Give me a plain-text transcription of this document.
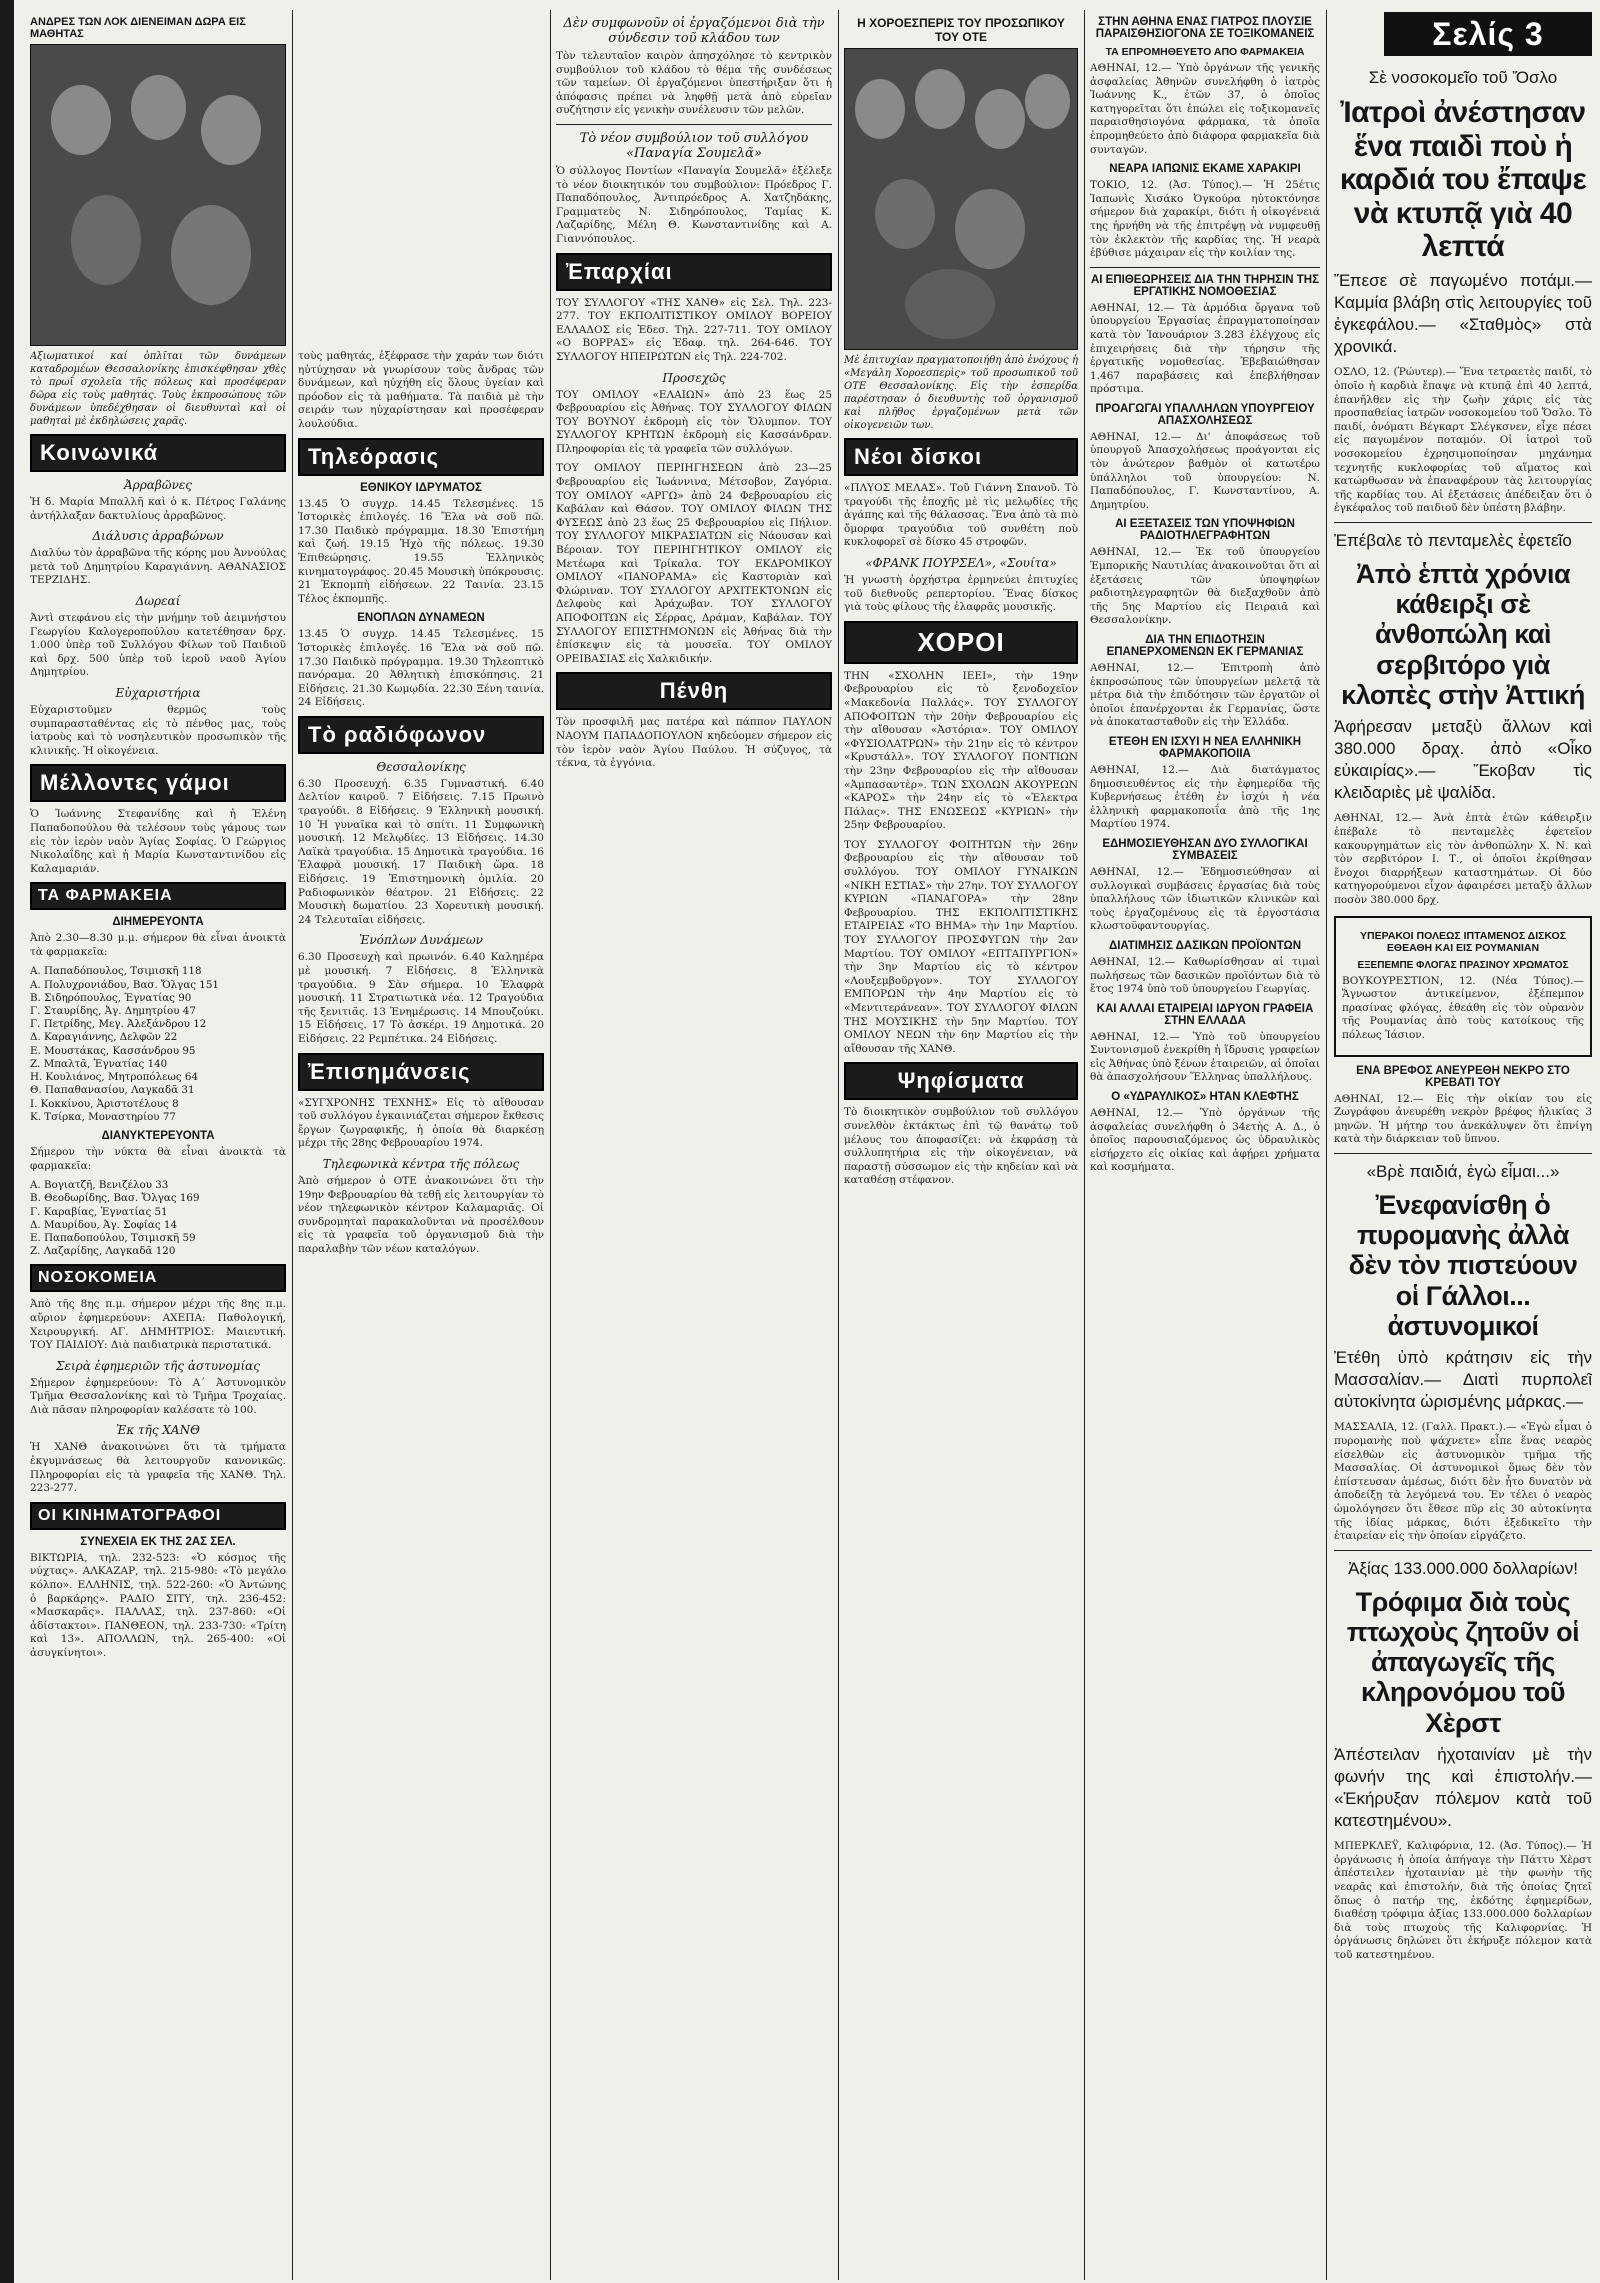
Σελίς 3
ΑΝΔΡΕΣ ΤΩΝ ΛΟΚ ΔΙΕΝΕΙΜΑΝ ΔΩΡΑ ΕΙΣ ΜΑΘΗΤΑΣ

Αξιωματικοί καί ὁπλῖται τῶν δυνάμεων καταδρομέων Θεσσαλονίκης ἐπισκέφθησαν χθὲς τὸ πρωΐ σχολεῖα τῆς πόλεως καὶ προσέφεραν δῶρα εἰς τοὺς μαθητάς. Τοὺς ἐκπροσώπους τῶν δυνάμεων ὑπεδέχθησαν οἱ διευθυνταὶ καὶ οἱ μαθηταὶ μὲ ἐκδηλώσεις χαρᾶς.

Κοινωνικά
Ἀρραβῶνες

Ἡ δ. Μαρία Μπαλλῆ καὶ ὁ κ. Πέτρος Γαλάνης ἀντήλλαξαν δακτυλίους ἀρραβῶνος.

Διάλυσις ἀρραβώνων

Διαλύω τὸν ἀρραβῶνα τῆς κόρης μου Ἀννούλας μετὰ τοῦ Δημητρίου Καραγιάννη. ΑΘΑΝΑΣΙΟΣ ΤΕΡΖΙΔΗΣ.

Δωρεαί

Ἀντὶ στεφάνου εἰς τὴν μνήμην τοῦ ἀειμνήστου Γεωργίου Καλογεροπούλου κατετέθησαν δρχ. 1.000 ὑπὲρ τοῦ Συλλόγου Φίλων τοῦ Παιδιοῦ καὶ δρχ. 500 ὑπὲρ τοῦ ἱεροῦ ναοῦ Ἁγίου Δημητρίου.

Εὐχαριστήρια

Εὐχαριστοῦμεν θερμῶς τοὺς συμπαρασταθέντας εἰς τὸ πένθος μας, τοὺς ἰατροὺς καὶ τὸ νοσηλευτικὸν προσωπικὸν τῆς κλινικῆς. Ἡ οἰκογένεια.

Μέλλοντες γάμοι

Ὁ Ἰωάννης Στεφανίδης καὶ ἡ Ἐλένη Παπαδοπούλου θὰ τελέσουν τοὺς γάμους των εἰς τὸν ἱερὸν ναὸν Ἁγίας Σοφίας. Ὁ Γεώργιος Νικολαΐδης καὶ ἡ Μαρία Κωνσταντινίδου εἰς Καλαμαριάν.

ΤΑ ΦΑΡΜΑΚΕΙΑ
ΔΙΗΜΕΡΕΥΟΝΤΑ

Ἀπὸ 2.30—8.30 μ.μ. σήμερον θὰ εἶναι ἀνοικτὰ τὰ φαρμακεῖα:

Α. Παπαδόπουλος, Τσιμισκῆ 118

Α. Πολυχρονιάδου, Βασ. Ὄλγας 151

Β. Σιδηρόπουλος, Ἐγνατίας 90

Γ. Σταυρίδης, Ἀγ. Δημητρίου 47

Γ. Πετρίδης, Μεγ. Ἀλεξάνδρου 12

Δ. Καραγιάννης, Δελφῶν 22

Ε. Μουστάκας, Κασσάνδρου 95

Ζ. Μπαλτᾶ, Ἐγνατίας 140

Η. Κουλιάνος, Μητροπόλεως 64

Θ. Παπαθανασίου, Λαγκαδᾶ 31

Ι. Κοκκίνου, Ἀριστοτέλους 8

Κ. Τσίρκα, Μοναστηρίου 77

ΔΙΑΝΥΚΤΕΡΕΥΟΝΤΑ

Σήμερον τὴν νύκτα θὰ εἶναι ἀνοικτὰ τὰ φαρμακεῖα:

Α. Βογιατζῆ, Βενιζέλου 33

Β. Θεοδωρίδης, Βασ. Ὄλγας 169

Γ. Καραβίας, Ἐγνατίας 51

Δ. Μαυρίδου, Ἀγ. Σοφίας 14

Ε. Παπαδοπούλου, Τσιμισκῆ 59

Ζ. Λαζαρίδης, Λαγκαδᾶ 120

ΝΟΣΟΚΟΜΕΙΑ

Ἀπὸ τῆς 8ης π.μ. σήμερον μέχρι τῆς 8ης π.μ. αὔριον ἐφημερεύουν: ΑΧΕΠΑ: Παθολογική, Χειρουργική. ΑΓ. ΔΗΜΗΤΡΙΟΣ: Μαιευτική. ΤΟΥ ΠΑΙΔΙΟΥ: Διὰ παιδιατρικὰ περιστατικά.

Σειρὰ ἐφημεριῶν τῆς ἀστυνομίας

Σήμερον ἐφημερεύουν: Τὸ Α΄ Ἀστυνομικὸν Τμῆμα Θεσσαλονίκης καὶ τὸ Τμῆμα Τροχαίας. Διὰ πᾶσαν πληροφορίαν καλέσατε τὸ 100.

Ἐκ τῆς ΧΑΝΘ

Ἡ ΧΑΝΘ ἀνακοινώνει ὅτι τὰ τμήματα ἐκγυμνάσεως θὰ λειτουργοῦν κανονικῶς. Πληροφορίαι εἰς τὰ γραφεῖα τῆς ΧΑΝΘ. Τηλ. 223-277.

ΟΙ ΚΙΝΗΜΑΤΟΓΡΑΦΟΙ
ΣΥΝΕΧΕΙΑ ΕΚ ΤΗΣ 2ΑΣ ΣΕΛ.

ΒΙΚΤΩΡΙΑ, τηλ. 232-523: «Ὁ κόσμος τῆς νύχτας». ΑΛΚΑΖΑΡ, τηλ. 215-980: «Τὸ μεγάλο κόλπο». ΕΛΛΗΝΙΣ, τηλ. 522-260: «Ὁ Ἀντώνης ὁ βαρκάρης». ΡΑΔΙΟ ΣΙΤΥ, τηλ. 236-452: «Μασκαρᾶς». ΠΑΛΛΑΣ, τηλ. 237-860: «Οἱ ἀδίστακτοι». ΠΑΝΘΕΟΝ, τηλ. 233-730: «Τρίτη καὶ 13». ΑΠΟΛΛΩΝ, τηλ. 265-400: «Οἱ ἀσυγκίνητοι».

τοὺς μαθητάς, ἐξέφρασε τὴν χαράν των διότι ηὐτύχησαν νὰ γνωρίσουν τοὺς ἄνδρας τῶν δυνάμεων, καὶ ηὐχήθη εἰς ὅλους ὑγείαν καὶ πρόοδον εἰς τὰ μαθήματα. Τὰ παιδιὰ μὲ τὴν σειράν των ηὐχαρίστησαν καὶ προσέφεραν λουλούδια.

Τηλεόρασις
ΕΘΝΙΚΟΥ ΙΔΡΥΜΑΤΟΣ

13.45 Ὁ συγχρ. 14.45 Τελεσμένες. 15 Ἱστορικὲς ἐπιλογές. 16 Ἔλα νὰ σοῦ πῶ. 17.30 Παιδικὸ πρόγραμμα. 18.30 Ἐπιστήμη καὶ ζωή. 19.15 Ἠχὸ τῆς πόλεως. 19.30 Ἐπιθεώρησις. 19.55 Ἑλληνικὸς κινηματογράφος. 20.45 Μουσικὴ ὑπόκρουσις. 21 Ἐκπομπὴ εἰδήσεων. 22 Ταινία. 23.15 Τέλος ἐκπομπῆς.

ΕΝΟΠΛΩΝ ΔΥΝΑΜΕΩΝ

13.45 Ὁ συγχρ. 14.45 Τελεσμένες. 15 Ἱστορικὲς ἐπιλογές. 16 Ἔλα νὰ σοῦ πῶ. 17.30 Παιδικὸ πρόγραμμα. 19.30 Τηλεοπτικὸ πανόραμα. 20 Ἀθλητικὴ ἐπισκόπησις. 21 Εἰδήσεις. 21.30 Κωμῳδία. 22.30 Ξένη ταινία. 24 Εἰδήσεις.

Τὸ ραδιόφωνον
Θεσσαλονίκης

6.30 Προσευχή. 6.35 Γυμναστική. 6.40 Δελτίον καιροῦ. 7 Εἰδήσεις. 7.15 Πρωινὸ τραγούδι. 8 Εἰδήσεις. 9 Ἑλληνικὴ μουσική. 10 Ἡ γυναῖκα καὶ τὸ σπίτι. 11 Συμφωνικὴ μουσική. 12 Μελῳδίες. 13 Εἰδήσεις. 14.30 Λαϊκὰ τραγούδια. 15 Δημοτικὰ τραγούδια. 16 Ἐλαφρὰ μουσική. 17 Παιδικὴ ὥρα. 18 Εἰδήσεις. 19 Ἐπιστημονικὴ ὁμιλία. 20 Ραδιοφωνικὸν θέατρον. 21 Εἰδήσεις. 22 Μουσικὴ δωματίου. 23 Χορευτικὴ μουσική. 24 Τελευταῖαι εἰδήσεις.

Ἐνόπλων Δυνάμεων

6.30 Προσευχὴ καὶ πρωινόν. 6.40 Καλημέρα μὲ μουσική. 7 Εἰδήσεις. 8 Ἑλληνικὰ τραγούδια. 9 Σὰν σήμερα. 10 Ἐλαφρὰ μουσική. 11 Στρατιωτικὰ νέα. 12 Τραγούδια τῆς ξενιτιᾶς. 13 Ἐνημέρωσις. 14 Μπουζούκι. 15 Εἰδήσεις. 17 Τὸ ἀσκέρι. 19 Δημοτικά. 20 Εἰδήσεις. 22 Ρεμπέτικα. 24 Εἰδήσεις.

Ἐπισημάνσεις

«ΣΥΓΧΡΟΝΗΣ ΤΕΧΝΗΣ» Εἰς τὸ αἴθουσαν τοῦ συλλόγου ἐγκαινιάζεται σήμερον ἔκθεσις ἔργων ζωγραφικῆς, ἡ ὁποία θὰ διαρκέσῃ μέχρι τῆς 28ης Φεβρουαρίου 1974.

Τηλεφωνικὰ κέντρα τῆς πόλεως

Ἀπὸ σήμερον ὁ ΟΤΕ ἀνακοινώνει ὅτι τὴν 19ην Φεβρουαρίου θὰ τεθῇ εἰς λειτουργίαν τὸ νέον τηλεφωνικὸν κέντρον Καλαμαριᾶς. Οἱ συνδρομηταὶ παρακαλοῦνται νὰ προσέλθουν εἰς τὰ γραφεῖα τοῦ ὀργανισμοῦ διὰ τὴν παραλαβὴν τῶν νέων καταλόγων.

Δὲν συμφωνοῦν οἱ ἐργαζόμενοι διὰ τὴν σύνδεσιν τοῦ κλάδου των

Τὸν τελευταῖον καιρὸν ἀπησχόλησε τὸ κεντρικὸν συμβούλιον τοῦ κλάδου τὸ θέμα τῆς συνδέσεως τῶν ταμείων. Οἱ ἐργαζόμενοι ὑπεστήριξαν ὅτι ἡ ἀπόφασις πρέπει νὰ ληφθῇ μετὰ ἀπὸ εὐρεῖαν συζήτησιν εἰς γενικὴν συνέλευσιν τῶν μελῶν.

Τὸ νέον συμβούλιον τοῦ συλλόγου «Παναγία Σουμελᾶ»

Ὁ σύλλογος Ποντίων «Παναγία Σουμελᾶ» ἐξέλεξε τὸ νέον διοικητικόν του συμβούλιον: Πρόεδρος Γ. Παπαδόπουλος, Ἀντιπρόεδρος Α. Χατζηδάκης, Γραμματεὺς Ν. Σιδηρόπουλος, Ταμίας Κ. Λαζαρίδης, Μέλη Θ. Κωνσταντινίδης καὶ Α. Γιαννόπουλος.

Ἐπαρχίαι

ΤΟΥ ΣΥΛΛΟΓΟΥ «ΤΗΣ ΧΑΝΘ» εἰς Σελ. Τηλ. 223-277. ΤΟΥ ΕΚΠΟΛΙΤΙΣΤΙΚΟΥ ΟΜΙΛΟΥ ΒΟΡΕΙΟΥ ΕΛΛΑΔΟΣ εἰς Ἐδεσ. Τηλ. 227-711. ΤΟΥ ΟΜΙΛΟΥ «Ο ΒΟΡΡΑΣ» εἰς Ἐδαφ. τηλ. 264-646. ΤΟΥ ΣΥΛΛΟΓΟΥ ΗΠΕΙΡΩΤΩΝ εἰς Τηλ. 224-702.

Προσεχῶς

ΤΟΥ ΟΜΙΛΟΥ «ΕΛΑΙΩΝ» ἀπὸ 23 ἕως 25 Φεβρουαρίου εἰς Ἀθήνας. ΤΟΥ ΣΥΛΛΟΓΟΥ ΦΙΛΩΝ ΤΟΥ ΒΟΥΝΟΥ ἐκδρομὴ εἰς τὸν Ὄλυμπον. ΤΟΥ ΣΥΛΛΟΓΟΥ ΚΡΗΤΩΝ ἐκδρομὴ εἰς Κασσάνδραν. Πληροφορίαι εἰς τὰ γραφεῖα τῶν συλλόγων.

ΤΟΥ ΟΜΙΛΟΥ ΠΕΡΙΗΓΗΣΕΩΝ ἀπὸ 23—25 Φεβρουαρίου εἰς Ἰωάννινα, Μέτσοβον, Ζαγόρια. ΤΟΥ ΟΜΙΛΟΥ «ΑΡΓΩ» ἀπὸ 24 Φεβρουαρίου εἰς Καβάλαν καὶ Θάσον. ΤΟΥ ΟΜΙΛΟΥ ΦΙΛΩΝ ΤΗΣ ΦΥΣΕΩΣ ἀπὸ 23 ἕως 25 Φεβρουαρίου εἰς Πήλιον. ΤΟΥ ΣΥΛΛΟΓΟΥ ΜΙΚΡΑΣΙΑΤΩΝ εἰς Νάουσαν καὶ Βέροιαν. ΤΟΥ ΠΕΡΙΗΓΗΤΙΚΟΥ ΟΜΙΛΟΥ εἰς Μετέωρα καὶ Τρίκαλα. ΤΟΥ ΕΚΔΡΟΜΙΚΟΥ ΟΜΙΛΟΥ «ΠΑΝΟΡΑΜΑ» εἰς Καστοριὰν καὶ Φλώριναν. ΤΟΥ ΣΥΛΛΟΓΟΥ ΑΡΧΙΤΕΚΤΟΝΩΝ εἰς Δελφοὺς καὶ Ἀράχωβαν. ΤΟΥ ΣΥΛΛΟΓΟΥ ΑΠΟΦΟΙΤΩΝ εἰς Σέρρας, Δράμαν, Καβάλαν. ΤΟΥ ΣΥΛΛΟΓΟΥ ΕΠΙΣΤΗΜΟΝΩΝ εἰς Ἀθήνας διὰ τὴν ἐπίσκεψιν εἰς τὰ μουσεῖα. ΤΟΥ ΟΜΙΛΟΥ ΟΡΕΙΒΑΣΙΑΣ εἰς Χαλκιδικήν.

Πένθη

Τὸν προσφιλῆ μας πατέρα καὶ πάππον ΠΑΥΛΟΝ ΝΑΟΥΜ ΠΑΠΑΔΟΠΟΥΛΟΝ κηδεύομεν σήμερον εἰς τὸν ἱερὸν ναὸν Ἁγίου Παύλου. Ἡ σύζυγος, τὰ τέκνα, τὰ ἐγγόνια.

Η ΧΟΡΟΕΣΠΕΡΙΣ ΤΟΥ ΠΡΟΣΩΠΙΚΟΥ ΤΟΥ ΟΤΕ

Μὲ ἐπιτυχίαν πραγματοποιήθη ἀπὸ ἐνόχους ἡ «Μεγάλη Χοροεσπερὶς» τοῦ προσωπικοῦ τοῦ ΟΤΕ Θεσσαλονίκης. Εἰς τὴν ἑσπερίδα παρέστησαν ὁ διευθυντὴς τοῦ ὀργανισμοῦ καὶ πλῆθος ἐργαζομένων μετὰ τῶν οἰκογενειῶν των.

Νέοι δίσκοι

«ΠΛΥΟΣ ΜΕΛΑΣ». Τοῦ Γιάννη Σπανοῦ. Τὸ τραγούδι τῆς ἐποχῆς μὲ τὶς μελῳδίες τῆς ἀγάπης καὶ τῆς θάλασσας. Ἕνα ἀπὸ τὰ πιὸ ὄμορφα τραγούδια τοῦ συνθέτη ποὺ κυκλοφορεῖ σὲ δίσκο 45 στροφῶν.

«ΦΡΑΝΚ ΠΟΥΡΣΕΛ», «Σουίτα»

Ἡ γνωστὴ ὀρχήστρα ἐρμηνεύει ἐπιτυχίες τοῦ διεθνοῦς ρεπερτορίου. Ἕνας δίσκος γιὰ τοὺς φίλους τῆς ἐλαφρᾶς μουσικῆς.

ΧΟΡΟΙ

ΤΗΝ «ΣΧΟΛΗΝ ΙΕΕΙ», τὴν 19ην Φεβρουαρίου εἰς τὸ ξενοδοχεῖον «Μακεδονία Παλλάς». ΤΟΥ ΣΥΛΛΟΓΟΥ ΑΠΟΦΟΙΤΩΝ τὴν 20ὴν Φεβρουαρίου εἰς τὴν αἴθουσαν «Ἀστόρια». ΤΟΥ ΟΜΙΛΟΥ «ΦΥΣΙΟΛΑΤΡΩΝ» τὴν 21ην εἰς τὸ κέντρον «Κρυστάλλ». ΤΟΥ ΣΥΛΛΟΓΟΥ ΠΟΝΤΙΩΝ τὴν 23ην Φεβρουαρίου εἰς τὴν αἴθουσαν «Ἀμπασαντὲρ». ΤΩΝ ΣΧΟΛΩΝ ΑΚΟΥΡΕΩΝ «ΚΑΡΟΣ» τὴν 24ην εἰς τὸ «Ἐλεκτρα Πάλας». ΤΗΣ ΕΝΩΣΕΩΣ «ΚΥΡΙΩΝ» τὴν 25ην Φεβρουαρίου.

ΤΟΥ ΣΥΛΛΟΓΟΥ ΦΟΙΤΗΤΩΝ τὴν 26ην Φεβρουαρίου εἰς τὴν αἴθουσαν τοῦ συλλόγου. ΤΟΥ ΟΜΙΛΟΥ ΓΥΝΑΙΚΩΝ «ΝΙΚΗ ΕΣΤΙΑΣ» τὴν 27ην. ΤΟΥ ΣΥΛΛΟΓΟΥ ΚΥΡΙΩΝ «ΠΑΝΑΓΟΡΑ» τὴν 28ην Φεβρουαρίου. ΤΗΣ ΕΚΠΟΛΙΤΙΣΤΙΚΗΣ ΕΤΑΙΡΕΙΑΣ «ΤΟ ΒΗΜΑ» τὴν 1ην Μαρτίου. ΤΟΥ ΣΥΛΛΟΓΟΥ ΠΡΟΣΦΥΓΩΝ τὴν 2αν Μαρτίου. ΤΟΥ ΟΜΙΛΟΥ «ΕΠΤΑΠΥΡΓΙΟΝ» τὴν 3ην Μαρτίου εἰς τὸ κέντρον «Λουξεμβοῦργον». ΤΟΥ ΣΥΛΛΟΓΟΥ ΕΜΠΟΡΩΝ τὴν 4ην Μαρτίου εἰς τὸ «Μεντιτεράνεαν». ΤΟΥ ΣΥΛΛΟΓΟΥ ΦΙΛΩΝ ΤΗΣ ΜΟΥΣΙΚΗΣ τὴν 5ην Μαρτίου. ΤΟΥ ΟΜΙΛΟΥ ΝΕΩΝ τὴν 6ην Μαρτίου εἰς τὴν αἴθουσαν τῆς ΧΑΝΘ.

Ψηφίσματα

Τὸ διοικητικὸν συμβούλιον τοῦ συλλόγου συνελθὸν ἐκτάκτως ἐπὶ τῷ θανάτῳ τοῦ μέλους του ἀποφασίζει: νὰ ἐκφράσῃ τὰ συλλυπητήρια εἰς τὴν οἰκογένειαν, νὰ παραστῇ σύσσωμον εἰς τὴν κηδείαν καὶ νὰ καταθέσῃ στέφανον.

ΣΤΗΝ ΑΘΗΝΑ ΕΝΑΣ ΓΙΑΤΡΟΣ ΠΛΟΥΣΙΕ ΠΑΡΑΙΣΘΗΣΙΟΓΟΝΑ ΣΕ ΤΟΞΙΚΟΜΑΝΕΙΣ
ΤΑ ΕΠΡΟΜΗΘΕΥΕΤΟ ΑΠΟ ΦΑΡΜΑΚΕΙΑ

ΑΘΗΝΑΙ, 12.— Ὑπὸ ὀργάνων τῆς γενικῆς ἀσφαλείας Ἀθηνῶν συνελήφθη ὁ ἰατρὸς Ἰωάννης Κ., ἐτῶν 37, ὁ ὁποῖος κατηγορεῖται ὅτι ἐπώλει εἰς τοξικομανεῖς παραισθησιογόνα φάρμακα, τὰ ὁποῖα ἐπρομηθεύετο ἀπὸ διάφορα φαρμακεῖα διὰ συνταγῶν.

ΝΕΑΡΑ ΙΑΠΩΝΙΣ ΕΚΑΜΕ ΧΑΡΑΚΙΡΙ

ΤΟΚΙΟ, 12. (Ἀσ. Τύπος).— Ἡ 25έτις Ἰαπωνὶς Χισάκο Ὀγκούρα ηὐτοκτόνησε σήμερον διὰ χαρακίρι, διότι ἡ οἰκογένειά της ἠρνήθη νὰ τῆς ἐπιτρέψῃ νὰ νυμφευθῇ τὸν ἐκλεκτὸν τῆς καρδίας της. Ἡ νεαρὰ ἐβύθισε μάχαιραν εἰς τὴν κοιλίαν της.

ΑΙ ΕΠΙΘΕΩΡΗΣΕΙΣ ΔΙΑ ΤΗΝ ΤΗΡΗΣΙΝ ΤΗΣ ΕΡΓΑΤΙΚΗΣ ΝΟΜΟΘΕΣΙΑΣ

ΑΘΗΝΑΙ, 12.— Τὰ ἁρμόδια ὄργανα τοῦ ὑπουργείου Ἐργασίας ἐπραγματοποίησαν κατὰ τὸν Ἰανουάριον 3.283 ἐλέγχους εἰς ἐπιχειρήσεις διὰ τὴν τήρησιν τῆς ἐργατικῆς νομοθεσίας. Ἐβεβαιώθησαν 1.467 παραβάσεις καὶ ἐπεβλήθησαν πρόστιμα.

ΠΡΟΑΓΩΓΑΙ ΥΠΑΛΛΗΛΩΝ ΥΠΟΥΡΓΕΙΟΥ ΑΠΑΣΧΟΛΗΣΕΩΣ

ΑΘΗΝΑΙ, 12.— Δι' ἀποφάσεως τοῦ ὑπουργοῦ Ἀπασχολήσεως προάγονται εἰς τὸν ἀνώτερον βαθμὸν οἱ κατωτέρω ὑπάλληλοι τοῦ ὑπουργείου: Ν. Παπαδόπουλος, Γ. Κωνσταντίνου, Α. Δημητρίου.

ΑΙ ΕΞΕΤΑΣΕΙΣ ΤΩΝ ΥΠΟΨΗΦΙΩΝ ΡΑΔΙΟΤΗΛΕΓΡΑΦΗΤΩΝ

ΑΘΗΝΑΙ, 12.— Ἐκ τοῦ ὑπουργείου Ἐμπορικῆς Ναυτιλίας ἀνακοινοῦται ὅτι αἱ ἐξετάσεις τῶν ὑποψηφίων ραδιοτηλεγραφητῶν θὰ διεξαχθοῦν ἀπὸ τῆς 5ης Μαρτίου εἰς Πειραιᾶ καὶ Θεσσαλονίκην.

ΔΙΑ ΤΗΝ ΕΠΙΔΟΤΗΣΙΝ ΕΠΑΝΕΡΧΟΜΕΝΩΝ ΕΚ ΓΕΡΜΑΝΙΑΣ

ΑΘΗΝΑΙ, 12.— Ἐπιτροπὴ ἀπὸ ἐκπροσώπους τῶν ὑπουργείων μελετᾷ τὰ μέτρα διὰ τὴν ἐπιδότησιν τῶν ἐργατῶν οἱ ὁποῖοι ἐπανέρχονται ἐκ Γερμανίας, ὥστε νὰ ἀποκατασταθοῦν εἰς τὴν Ἑλλάδα.

ΕΤΕΘΗ ΕΝ ΙΣΧΥΙ Η ΝΕΑ ΕΛΛΗΝΙΚΗ ΦΑΡΜΑΚΟΠΟΙΙΑ

ΑΘΗΝΑΙ, 12.— Διὰ διατάγματος δημοσιευθέντος εἰς τὴν ἐφημερίδα τῆς Κυβερνήσεως ἐτέθη ἐν ἰσχύι ἡ νέα ἑλληνικὴ φαρμακοποιΐα ἀπὸ τῆς 1ης Μαρτίου 1974.

ΕΔΗΜΟΣΙΕΥΘΗΣΑΝ ΔΥΟ ΣΥΛΛΟΓΙΚΑΙ ΣΥΜΒΑΣΕΙΣ

ΑΘΗΝΑΙ, 12.— Ἐδημοσιεύθησαν αἱ συλλογικαὶ συμβάσεις ἐργασίας διὰ τοὺς ὑπαλλήλους τῶν ἰδιωτικῶν κλινικῶν καὶ τοὺς ἐργαζομένους εἰς τὰ ἐργοστάσια κλωστοϋφαντουργίας.

ΔΙΑΤΙΜΗΣΙΣ ΔΑΣΙΚΩΝ ΠΡΟΪΟΝΤΩΝ

ΑΘΗΝΑΙ, 12.— Καθωρίσθησαν αἱ τιμαὶ πωλήσεως τῶν δασικῶν προϊόντων διὰ τὸ ἔτος 1974 ὑπὸ τοῦ ὑπουργείου Γεωργίας.

ΚΑΙ ΑΛΛΑΙ ΕΤΑΙΡΕΙΑΙ ΙΔΡΥΟΝ ΓΡΑΦΕΙΑ ΣΤΗΝ ΕΛΛΑΔΑ

ΑΘΗΝΑΙ, 12.— Ὑπὸ τοῦ ὑπουργείου Συντονισμοῦ ἐνεκρίθη ἡ ἵδρυσις γραφείων εἰς Ἀθήνας ὑπὸ ξένων ἐταιρειῶν, αἱ ὁποῖαι θὰ ἀπασχολήσουν Ἕλληνας ὑπαλλήλους.

Ο «ΥΔΡΑΥΛΙΚΟΣ» ΗΤΑΝ ΚΛΕΦΤΗΣ

ΑΘΗΝΑΙ, 12.— Ὑπὸ ὀργάνων τῆς ἀσφαλείας συνελήφθη ὁ 34ετὴς Α. Δ., ὁ ὁποῖος παρουσιαζόμενος ὡς ὑδραυλικὸς εἰσήρχετο εἰς οἰκίας καὶ ἀφῄρει χρήματα καὶ κοσμήματα.

Σὲ νοσοκομεῖο τοῦ Ὄσλο
Ἰατροὶ ἀνέστησαν ἕνα παιδὶ ποὺ ἡ καρδιά του ἔπαψε νὰ κτυπᾷ γιὰ 40 λεπτά
Ἔπεσε σὲ παγωμένο ποτάμι.— Καμμία βλάβη στὶς λειτουργίες τοῦ ἐγκεφάλου.— «Σταθμὸς» στὰ χρονικά.

ΟΣΛΟ, 12. (Ῥώυτερ).— Ἕνα τετραετὲς παιδί, τὸ ὁποῖο ἡ καρδιὰ ἔπαψε νὰ κτυπᾷ ἐπὶ 40 λεπτά, ἐπανῆλθεν εἰς τὴν ζωὴν χάρις εἰς τὰς προσπαθείας ἰατρῶν νοσοκομείου τοῦ Ὄσλο. Τὸ παιδί, ὀνόματι Βέγκαρτ Σλέγκσνεν, εἶχε πέσει εἰς παγωμένον ποταμόν. Οἱ ἰατροὶ τοῦ νοσοκομείου ἐχρησιμοποίησαν μηχάνημα τεχνητῆς κυκλοφορίας τοῦ αἵματος καὶ κατώρθωσαν νὰ ἐπαναφέρουν τὰς λειτουργίας τῆς καρδίας του. Αἱ ἐξετάσεις ἀπέδειξαν ὅτι ὁ ἐγκέφαλος τοῦ παιδιοῦ δὲν ὑπέστη βλάβην.

Ἐπέβαλε τὸ πενταμελὲς ἐφετεῖο
Ἀπὸ ἑπτὰ χρόνια κάθειρξι σὲ ἀνθοπώλη καὶ σερβιτόρο γιὰ κλοπὲς στὴν Ἀττική
Ἀφήρεσαν μεταξὺ ἄλλων καὶ 380.000 δραχ. ἀπὸ «Οἶκο εὐκαιρίας».— Ἔκοβαν τὶς κλειδαριὲς μὲ ψαλίδα.

ΑΘΗΝΑΙ, 12.— Ἀνὰ ἑπτὰ ἐτῶν κάθειρξιν ἐπέβαλε τὸ πενταμελὲς ἐφετεῖον κακουργημάτων εἰς τὸν ἀνθοπώλην Χ. Ν. καὶ τὸν σερβιτόρον Ι. Τ., οἱ ὁποῖοι ἐκρίθησαν ἔνοχοι διαρρήξεων καταστημάτων. Οἱ δύο κατηγορούμενοι εἶχον ἀφαιρέσει μεταξὺ ἄλλων ποσὸν 380.000 δρχ.

ΥΠΕΡΑΚΟΙ ΠΟΛΕΩΣ ΙΠΤΑΜΕΝΟΣ ΔΙΣΚΟΣ ΕΘΕΑΘΗ ΚΑΙ ΕΙΣ ΡΟΥΜΑΝΙΑΝ
ΕΞΕΠΕΜΠΕ ΦΛΟΓΑΣ ΠΡΑΣΙΝΟΥ ΧΡΩΜΑΤΟΣ

ΒΟΥΚΟΥΡΕΣΤΙΟΝ, 12. (Νέα Τύπος).— Ἄγνωστον ἀντικείμενον, ἐξέπεμπον πρασίνας φλόγας, ἐθεάθη εἰς τὸν οὐρανὸν τῆς Ρουμανίας ἀπὸ τοὺς κατοίκους τῆς πόλεως Ἰάσιον.

ΕΝΑ ΒΡΕΦΟΣ ΑΝΕΥΡΕΘΗ ΝΕΚΡΟ ΣΤΟ ΚΡΕΒΑΤΙ ΤΟΥ

ΑΘΗΝΑΙ, 12.— Εἰς τὴν οἰκίαν του εἰς Ζωγράφου ἀνευρέθη νεκρὸν βρέφος ἡλικίας 3 μηνῶν. Ἡ μήτηρ του ἀνεκάλυψεν ὅτι ἐπνίγη κατὰ τὴν διάρκειαν τοῦ ὕπνου.

«Βρὲ παιδιά, ἐγὼ εἶμαι...»
Ἐνεφανίσθη ὁ πυρομανὴς ἀλλὰ δὲν τὸν πιστεύουν οἱ Γάλλοι... ἀστυνομικοί
Ἐτέθη ὑπὸ κράτησιν εἰς τὴν Μασσαλίαν.— Διατὶ πυρπολεῖ αὐτοκίνητα ὡρισμένης μάρκας.—

ΜΑΣΣΑΛΙΑ, 12. (Γαλλ. Πρακτ.).— «Ἐγὼ εἶμαι ὁ πυρομανὴς ποὺ ψάχνετε» εἶπε ἕνας νεαρὸς εἰσελθὼν εἰς ἀστυνομικὸν τμῆμα τῆς Μασσαλίας. Οἱ ἀστυνομικοὶ ὅμως δὲν τὸν ἐπίστευσαν ἀμέσως, διότι δὲν ἦτο δυνατὸν νὰ ἀποδείξῃ τὰ λεγόμενά του. Ἐν τέλει ὁ νεαρὸς ὡμολόγησεν ὅτι ἔθεσε πῦρ εἰς 30 αὐτοκίνητα τῆς ἰδίας μάρκας, διότι ἐξεδικεῖτο τὴν ἐταιρείαν εἰς τὴν ὁποίαν εἰργάζετο.

Ἀξίας 133.000.000 δολλαρίων!
Τρόφιμα διὰ τοὺς πτωχοὺς ζητοῦν οἱ ἀπαγωγεῖς τῆς κληρονόμου τοῦ Χὲρστ
Ἀπέστειλαν ἠχοταινίαν μὲ τὴν φωνήν της καὶ ἐπιστολήν.— «Ἐκήρυξαν πόλεμον κατὰ τοῦ κατεστημένου».

ΜΠΕΡΚΛΕΫ, Καλιφόρνια, 12. (Ἀσ. Τύπος).— Ἡ ὀργάνωσις ἡ ὁποία ἀπήγαγε τὴν Πάττυ Χὲρστ ἀπέστειλεν ἠχοταινίαν μὲ τὴν φωνὴν τῆς νεαρᾶς καὶ ἐπιστολήν, διὰ τῆς ὁποίας ζητεῖ ὅπως ὁ πατήρ της, ἐκδότης ἐφημερίδων, διαθέσῃ τρόφιμα ἀξίας 133.000.000 δολλαρίων διὰ τοὺς πτωχοὺς τῆς Καλιφορνίας. Ἡ ὀργάνωσις δηλώνει ὅτι ἐκήρυξε πόλεμον κατὰ τοῦ κατεστημένου.
